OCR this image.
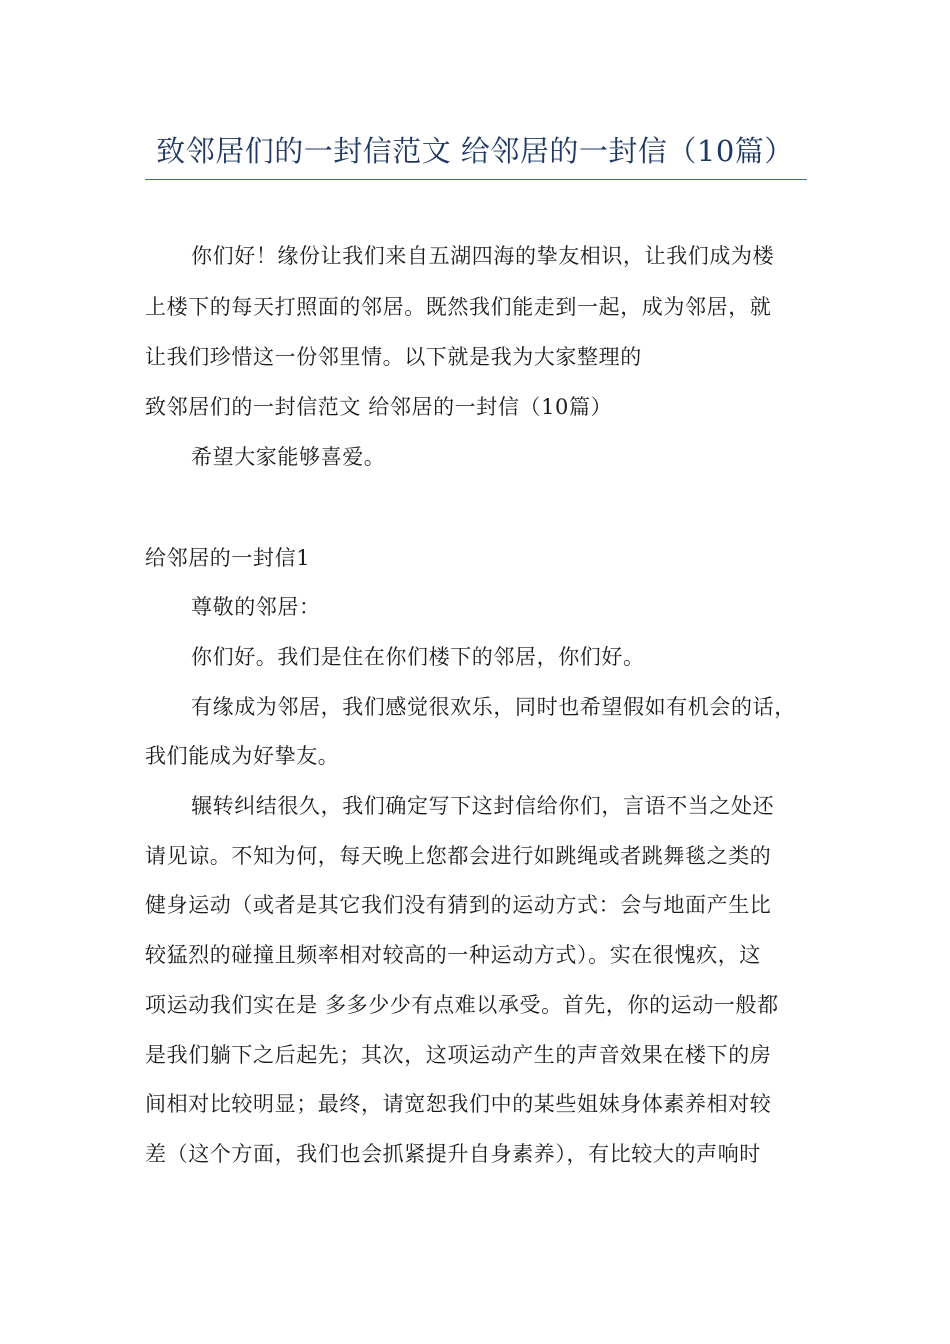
致邻居们的一封信范文 给邻居的一封信（10篇）

你们好！缘份让我们来自五湖四海的挚友相识，让我们成为楼

上楼下的每天打照面的邻居。既然我们能走到一起，成为邻居，就

让我们珍惜这一份邻里情。以下就是我为大家整理的

致邻居们的一封信范文 给邻居的一封信（10篇）

希望大家能够喜爱。

给邻居的一封信1

尊敬的邻居：

你们好。我们是住在你们楼下的邻居，你们好。

有缘成为邻居，我们感觉很欢乐，同时也希望假如有机会的话，

我们能成为好挚友。

辗转纠结很久，我们确定写下这封信给你们，言语不当之处还

请见谅。不知为何，每天晚上您都会进行如跳绳或者跳舞毯之类的

健身运动（或者是其它我们没有猜到的运动方式：会与地面产生比

较猛烈的碰撞且频率相对较高的一种运动方式）。实在很愧疚，这

项运动我们实在是 多多少少有点难以承受。首先，你的运动一般都

是我们躺下之后起先；其次，这项运动产生的声音效果在楼下的房

间相对比较明显；最终，请宽恕我们中的某些姐妹身体素养相对较

差（这个方面，我们也会抓紧提升自身素养），有比较大的声响时
